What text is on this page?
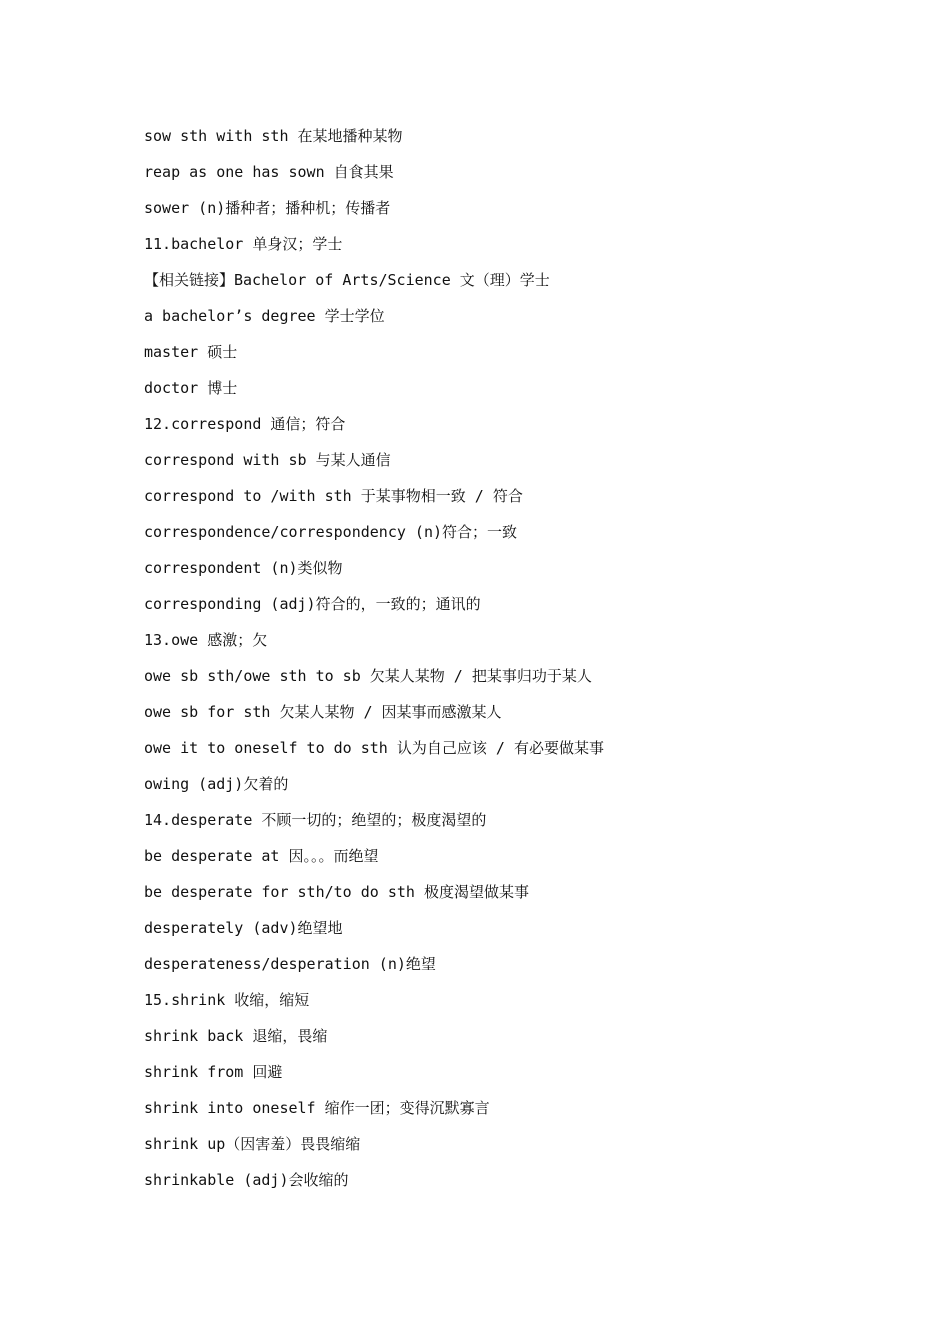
sow sth with sth 在某地播种某物
reap as one has sown 自食其果
sower (n)播种者；播种机；传播者
11.bachelor 单身汉；学士
【相关链接】Bachelor of Arts/Science 文（理）学士
a bachelor’s degree 学士学位
master 硕士
doctor 博士
12.correspond 通信；符合
correspond with sb 与某人通信
correspond to /with sth 于某事物相一致 / 符合
correspondence/correspondency (n)符合；一致
correspondent (n)类似物
corresponding (adj)符合的，一致的；通讯的
13.owe 感激；欠
owe sb sth/owe sth to sb 欠某人某物 / 把某事归功于某人
owe sb for sth 欠某人某物 / 因某事而感激某人
owe it to oneself to do sth 认为自己应该 / 有必要做某事
owing (adj)欠着的
14.desperate 不顾一切的；绝望的；极度渴望的
be desperate at 因。。。而绝望
be desperate for sth/to do sth 极度渴望做某事
desperately (adv)绝望地
desperateness/desperation (n)绝望
15.shrink 收缩，缩短
shrink back 退缩，畏缩
shrink from 回避
shrink into oneself 缩作一团；变得沉默寡言
shrink up（因害羞）畏畏缩缩
shrinkable (adj)会收缩的
